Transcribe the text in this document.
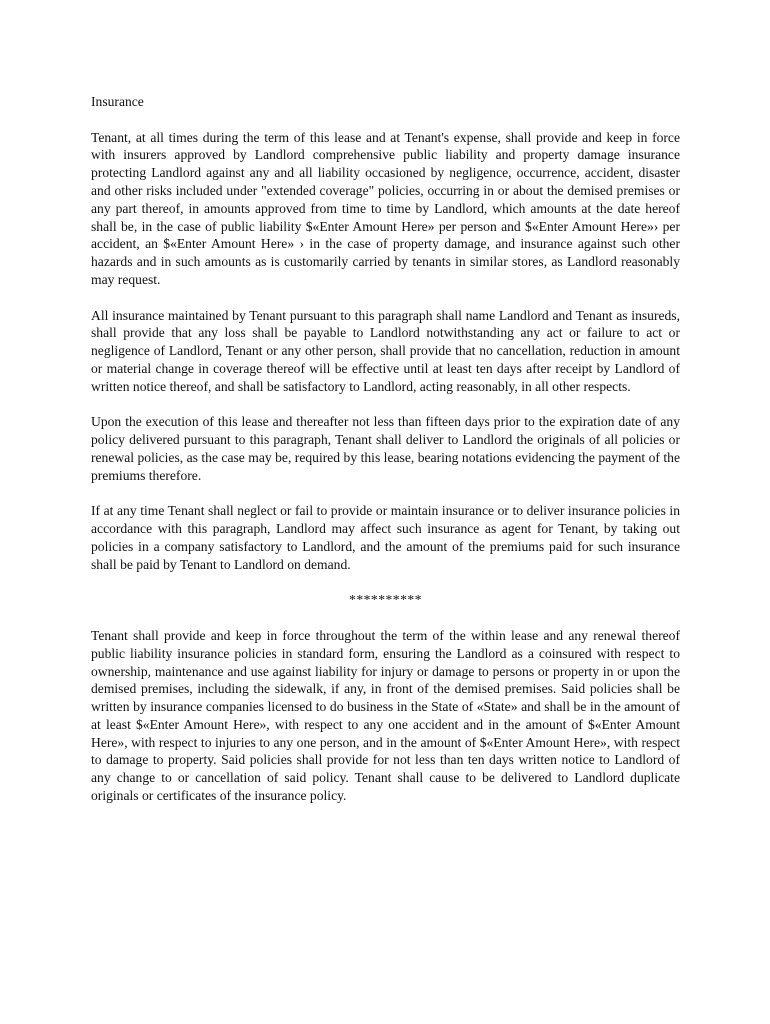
Insurance

Tenant, at all times during the term of this lease and at Tenant's expense, shall provide and keep in force with insurers approved by Landlord comprehensive public liability and property damage insurance protecting Landlord against any and all liability occasioned by negligence, occurrence, accident, disaster and other risks included under "extended coverage" policies, occurring in or about the demised premises or any part thereof, in amounts approved from time to time by Landlord, which amounts at the date hereof shall be, in the case of public liability $«Enter Amount Here» per person and $«Enter Amount Here»› per accident, an $«Enter Amount Here» › in the case of property damage, and insurance against such other hazards and in such amounts as is customarily carried by tenants in similar stores, as Landlord reasonably may request.

All insurance maintained by Tenant pursuant to this paragraph shall name Landlord and Tenant as insureds, shall provide that any loss shall be payable to Landlord notwithstanding any act or failure to act or negligence of Landlord, Tenant or any other person, shall provide that no cancellation, reduction in amount or material change in coverage thereof will be effective until at least ten days after receipt by Landlord of written notice thereof, and shall be satisfactory to Landlord, acting reasonably, in all other respects.

Upon the execution of this lease and thereafter not less than fifteen days prior to the expiration date of any policy delivered pursuant to this paragraph, Tenant shall deliver to Landlord the originals of all policies or renewal policies, as the case may be, required by this lease, bearing notations evidencing the payment of the premiums therefore.

If at any time Tenant shall neglect or fail to provide or maintain insurance or to deliver insurance policies in accordance with this paragraph, Landlord may affect such insurance as agent for Tenant, by taking out policies in a company satisfactory to Landlord, and the amount of the premiums paid for such insurance shall be paid by Tenant to Landlord on demand.

**********

Tenant shall provide and keep in force throughout the term of the within lease and any renewal thereof public liability insurance policies in standard form, ensuring the Landlord as a coinsured with respect to ownership, maintenance and use against liability for injury or damage to persons or property in or upon the demised premises, including the sidewalk, if any, in front of the demised premises. Said policies shall be written by insurance companies licensed to do business in the State of «State» and shall be in the amount of at least $«Enter Amount Here», with respect to any one accident and in the amount of $«Enter Amount Here», with respect to injuries to any one person, and in the amount of $«Enter Amount Here», with respect to damage to property. Said policies shall provide for not less than ten days written notice to Landlord of any change to or cancellation of said policy. Tenant shall cause to be delivered to Landlord duplicate originals or certificates of the insurance policy.
